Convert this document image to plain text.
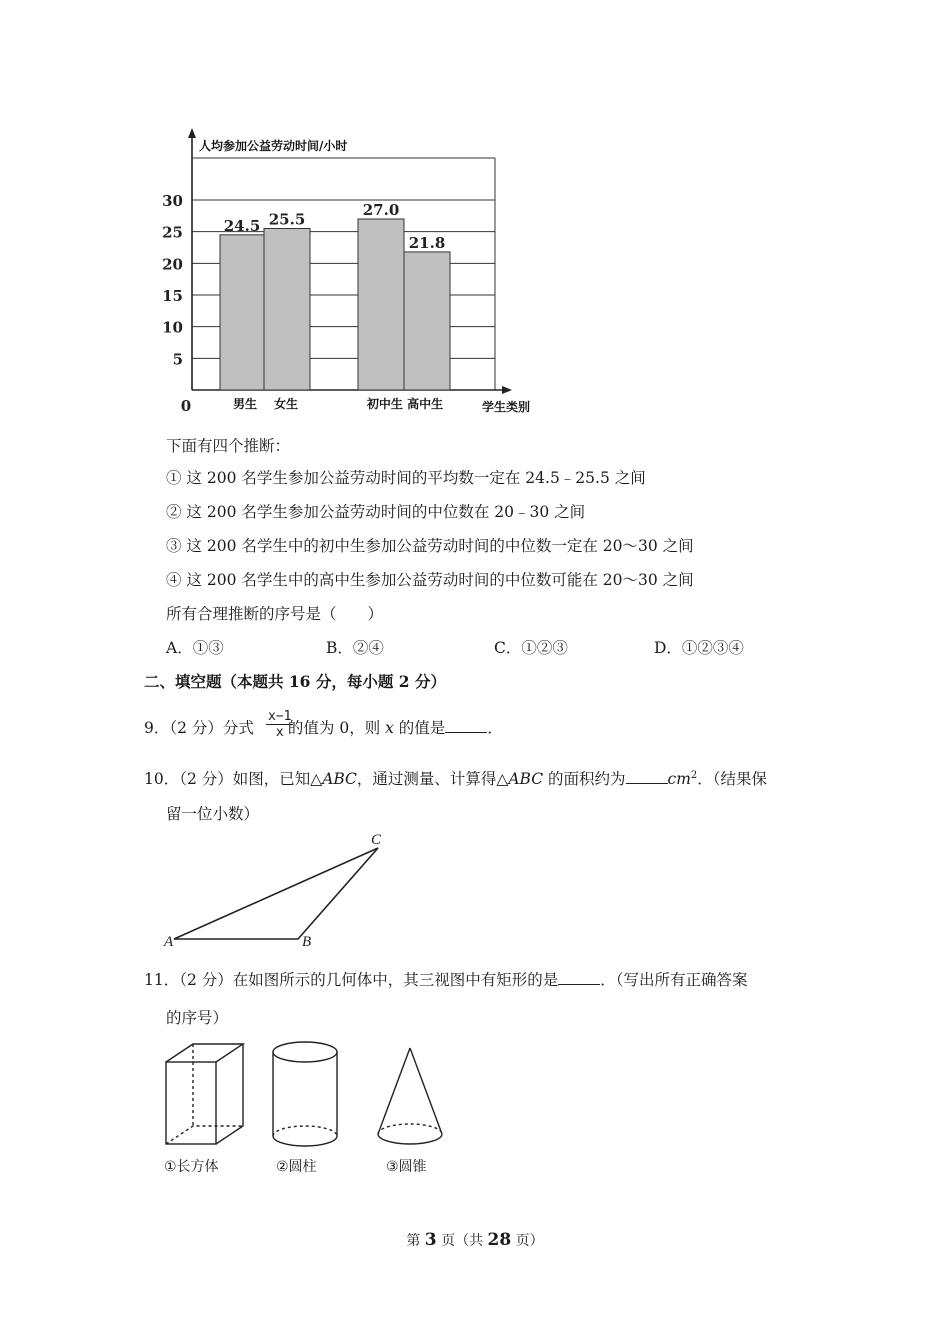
5
10
15
20
25
30
0
人均参加公益劳动时间/小时
学生类别
24.5 25.5
27.0
21.8
男生 女生	初中生 高中生
下面有四个推断：
① 这 200 名学生参加公益劳动时间的平均数一定在 24.5﹣25.5 之间
② 这 200 名学生参加公益劳动时间的中位数在 20﹣30 之间
③ 这 200 名学生中的初中生参加公益劳动时间的中位数一定在 20～30 之间
④ 这 200 名学生中的高中生参加公益劳动时间的中位数可能在 20～30 之间
所有合理推断的序号是（　　）
A．①③	B．②④	C．①②③	D．①②③④
二、填空题（本题共 16 分，每小题 2 分）
9．（2 分）分式 的值为 0，则 x 的值是	．
$\frac{x-1}{x}$
10．（2 分）如图，已知△ABC，通过测量、计算得△ABC 的面积约为	$cm^2$．（结果保
留一位小数）
A	B
C
11．（2 分）在如图所示的几何体中，其三视图中有矩形的是	．（写出所有正确答案
的序号）
①长方体	②圆柱	③圆锥
第 3 页（共 28 页）
